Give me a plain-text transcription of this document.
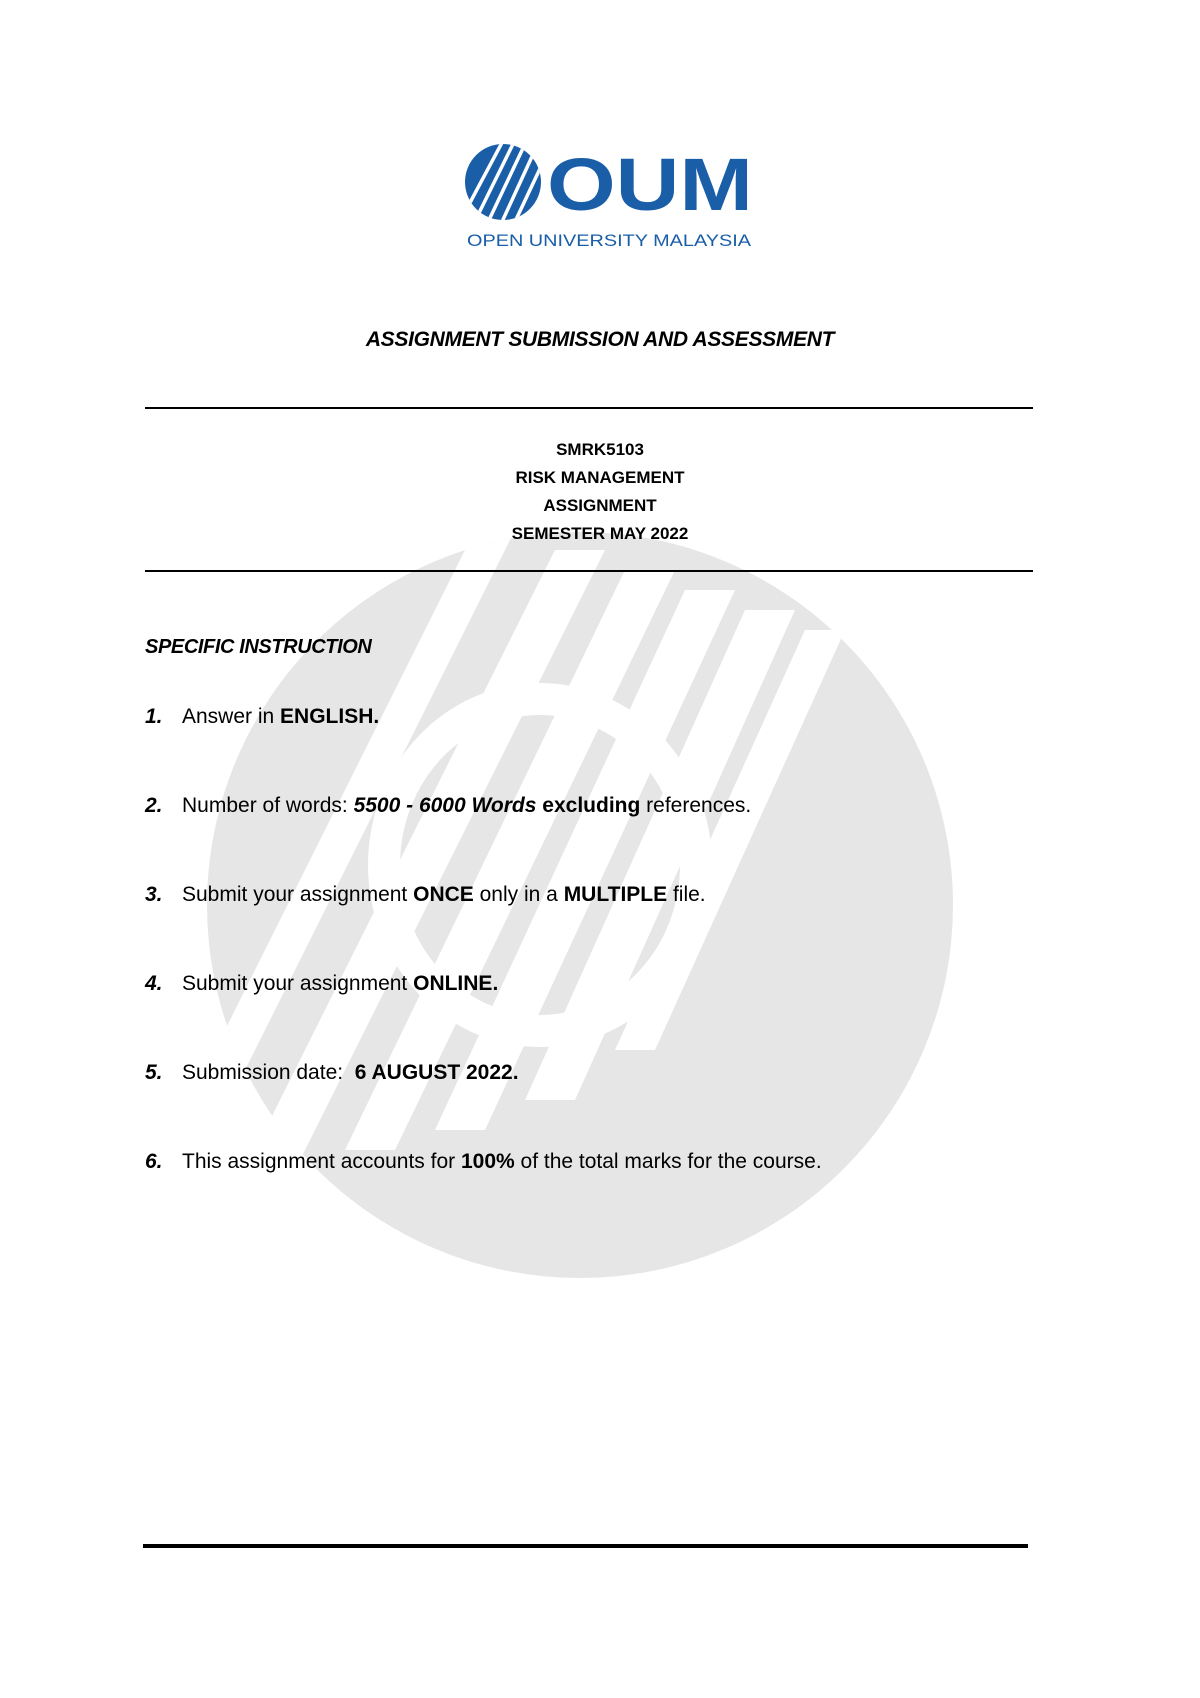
OUM
OPEN UNIVERSITY MALAYSIA
ASSIGNMENT SUBMISSION AND ASSESSMENT
SMRK5103
RISK MANAGEMENT
ASSIGNMENT
SEMESTER MAY 2022
SPECIFIC INSTRUCTION
1. Answer in ENGLISH.
2. Number of words: 5500 - 6000 Words excluding references.
3. Submit your assignment ONCE only in a MULTIPLE file.
4. Submit your assignment ONLINE.
5. Submission date:  6 AUGUST 2022.
6. This assignment accounts for 100% of the total marks for the course.
